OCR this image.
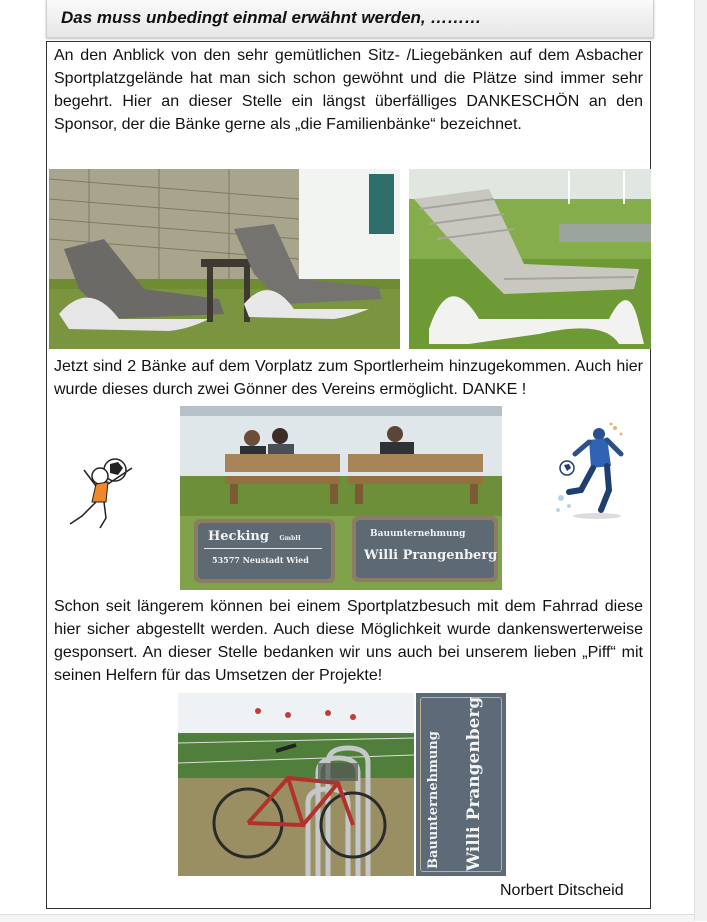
Das muss unbedingt einmal erwähnt werden, ………
An den Anblick von den sehr gemütlichen Sitz- /Liegebänken auf dem Asbacher Sportplatzgelände hat man sich schon gewöhnt und die Plätze sind immer sehr begehrt. Hier an dieser Stelle ein längst überfälliges DANKESCHÖN an den Sponsor, der die Bänke gerne als „die Familienbänke“ bezeichnet.
Jetzt sind 2 Bänke auf dem Vorplatz zum Sportlerheim hinzugekommen. Auch hier wurde dieses durch zwei Gönner des Vereins ermöglicht. DANKE !
Hecking GmbH
53577 Neustadt Wied
Bauunternehmung
Willi Prangenberg
Schon seit längerem können bei einem Sportplatzbesuch mit dem Fahrrad diese hier sicher abgestellt werden. Auch diese Möglichkeit wurde dankenswerterweise gesponsert. An dieser Stelle bedanken wir uns auch bei unserem lieben „Piff“ mit seinen Helfern für das Umsetzen der Projekte!
Bauunternehmung Willi Prangenberg
Norbert Ditscheid
